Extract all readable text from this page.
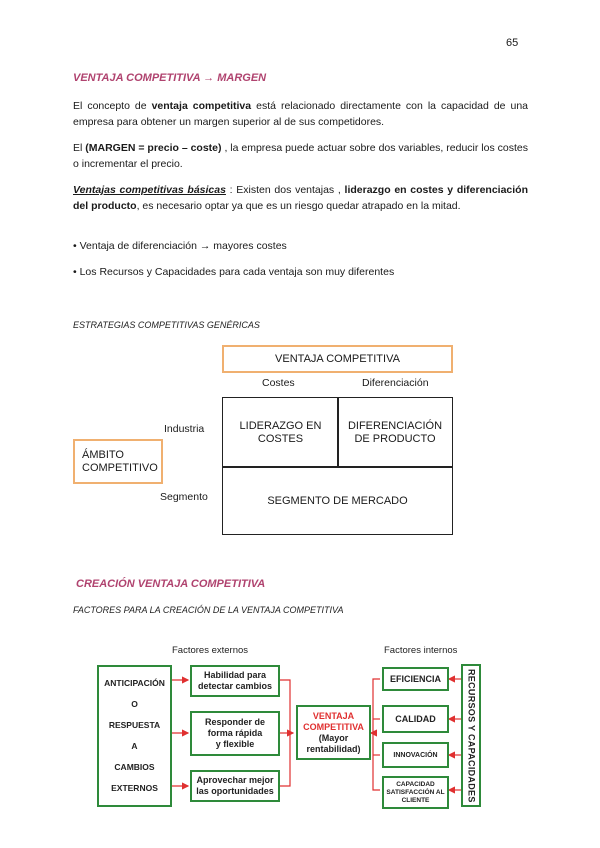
65
VENTAJA COMPETITIVA → MARGEN
El concepto de ventaja competitiva está relacionado directamente con la capacidad de una empresa para obtener un margen superior al de sus competidores.
El (MARGEN = precio – coste) , la empresa puede actuar sobre dos variables, reducir los costes o incrementar el precio.
Ventajas competitivas básicas : Existen dos ventajas , liderazgo en costes y diferenciación del producto, es necesario optar ya que es un riesgo quedar atrapado en la mitad.
• Ventaja de diferenciación → mayores costes
• Los Recursos y Capacidades para cada ventaja son muy diferentes
ESTRATEGIAS COMPETITIVAS GENÉRICAS
VENTAJA COMPETITIVA
Costes	Diferenciación
Industria
Segmento
ÁMBITO
COMPETITIVO
LIDERAZGO EN
COSTES
DIFERENCIACIÓN
DE PRODUCTO
SEGMENTO DE MERCADO
CREACIÓN VENTAJA COMPETITIVA
FACTORES PARA LA CREACIÓN DE LA VENTAJA COMPETITIVA
Factores externos	Factores internos
ANTICIPACIÓN
O
RESPUESTA
A
CAMBIOS
EXTERNOS
Habilidad para
detectar cambios
Responder de
forma rápida
y flexible
Aprovechar mejor
las oportunidades
VENTAJA
COMPETITIVA
(Mayor
rentabilidad)
EFICIENCIA
CALIDAD
INNOVACIÓN
CAPACIDAD
SATISFACCIÓN AL
CLIENTE	RECURSOS Y CAPACIDADES
